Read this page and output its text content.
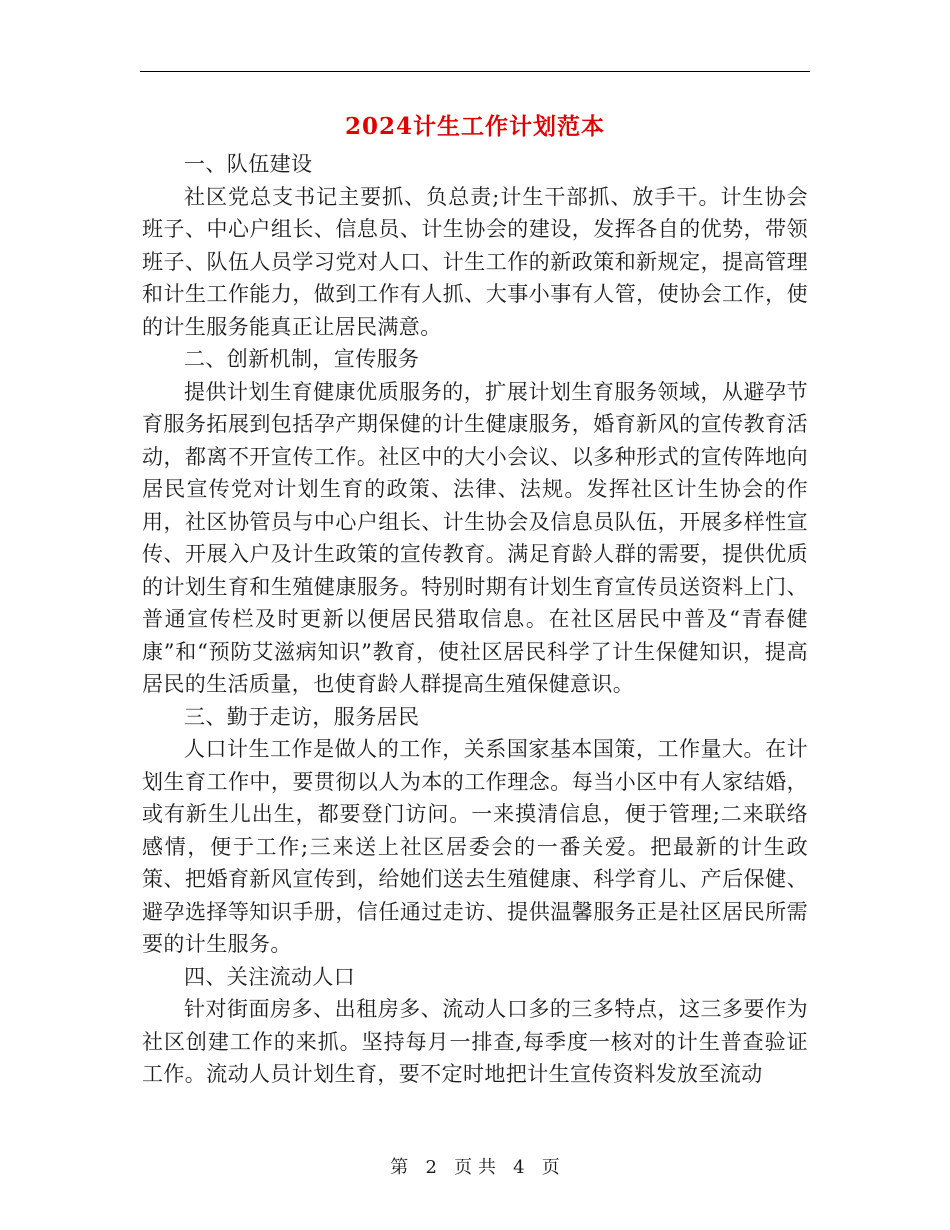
2024计生工作计划范本

一、队伍建设

社区党总支书记主要抓、负总责;计生干部抓、放手干。计生协会班子、中心户组长、信息员、计生协会的建设，发挥各自的优势，带领班子、队伍人员学习党对人口、计生工作的新政策和新规定，提高管理和计生工作能力，做到工作有人抓、大事小事有人管，使协会工作，使的计生服务能真正让居民满意。

二、创新机制，宣传服务

提供计划生育健康优质服务的，扩展计划生育服务领域，从避孕节育服务拓展到包括孕产期保健的计生健康服务，婚育新风的宣传教育活动，都离不开宣传工作。社区中的大小会议、以多种形式的宣传阵地向居民宣传党对计划生育的政策、法律、法规。发挥社区计生协会的作用，社区协管员与中心户组长、计生协会及信息员队伍，开展多样性宣传、开展入户及计生政策的宣传教育。满足育龄人群的需要，提供优质的计划生育和生殖健康服务。特别时期有计划生育宣传员送资料上门、普通宣传栏及时更新以便居民猎取信息。在社区居民中普及“青春健康”和“预防艾滋病知识”教育，使社区居民科学了计生保健知识，提高居民的生活质量，也使育龄人群提高生殖保健意识。

三、勤于走访，服务居民

人口计生工作是做人的工作，关系国家基本国策，工作量大。在计划生育工作中，要贯彻以人为本的工作理念。每当小区中有人家结婚，或有新生儿出生，都要登门访问。一来摸清信息，便于管理;二来联络感情，便于工作;三来送上社区居委会的一番关爱。把最新的计生政策、把婚育新风宣传到，给她们送去生殖健康、科学育儿、产后保健、避孕选择等知识手册，信任通过走访、提供温馨服务正是社区居民所需要的计生服务。

四、关注流动人口

针对街面房多、出租房多、流动人口多的三多特点，这三多要作为社区创建工作的来抓。坚持每月一排查,每季度一核对的计生普查验证工作。流动人员计划生育，要不定时地把计生宣传资料发放至流动

第 2 页 共 4 页
